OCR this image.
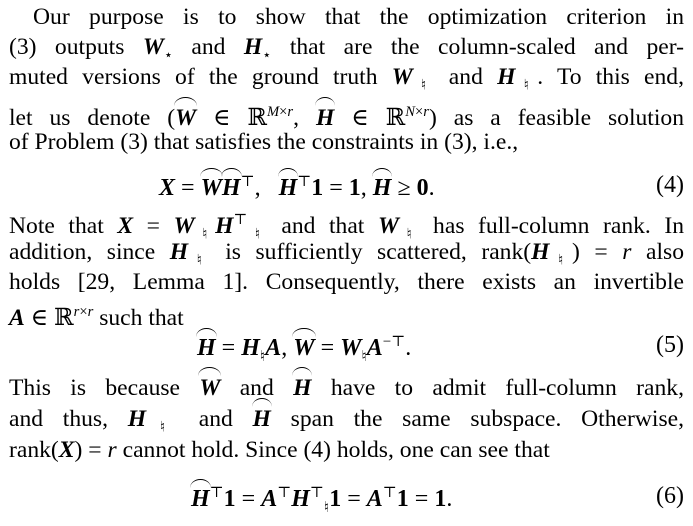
Our purpose is to show that the optimization criterion in
(3) outputs $W_⋆$ and $H_⋆$ that are the column-scaled and per-
muted versions of the ground truth $W_♮$ and $H_♮$. To this end,
let us denote (W ∈ ℝ$^{M\times r}$, H ∈ ℝ$^{N\times r}$) as a feasible solution
of Problem (3) that satisfies the constraints in (3), i.e.,
X = WH⊤,   H⊤1 = 1, H ≥ 0.	(4)
Note that $X = W_♮H^⊤_♮$ and that $W_♮$ has full-column rank. In
addition, since $H_♮$ is sufficiently scattered, $rank(H_♮) = r$ also
holds [29, Lemma 1]. Consequently, there exists an invertible
A ∈ ℝ$^{r\times r}$ such that
$H = H_♮A$, $W = W_♮A^{-⊤}$.	(5)
This is because W and H have to admit full-column rank,
and thus, $H_♮$ and H span the same subspace. Otherwise,
rank(X) = r cannot hold. Since (4) holds, one can see that
$H^⊤1 = A^⊤H^⊤_♮1 = A^⊤1 = 1$.	(6)
